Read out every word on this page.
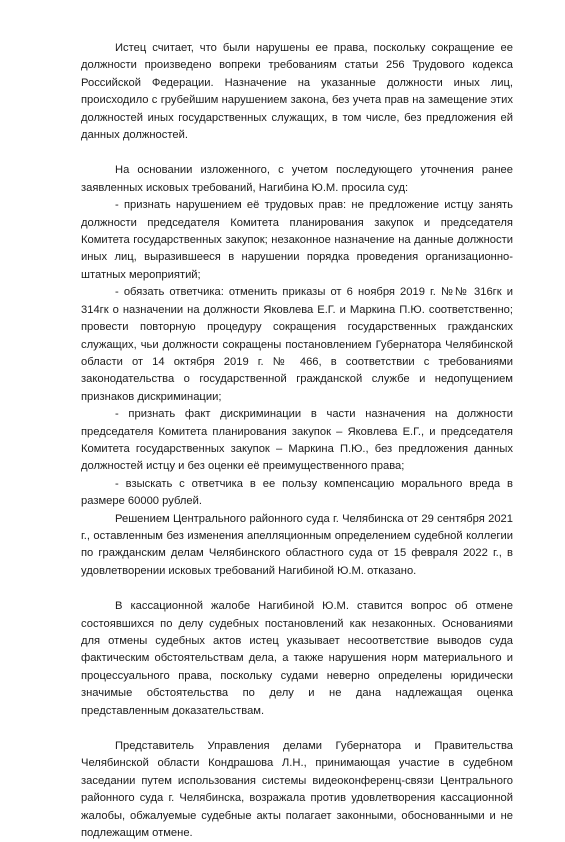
Истец считает, что были нарушены ее права, поскольку сокращение ее должности произведено вопреки требованиям статьи 256 Трудового кодекса Российской Федерации. Назначение на указанные должности иных лиц, происходило с грубейшим нарушением закона, без учета прав на замещение этих должностей иных государственных служащих, в том числе, без предложения ей данных должностей.

На основании изложенного, с учетом последующего уточнения ранее заявленных исковых требований, Нагибина Ю.М. просила суд:

- признать нарушением её трудовых прав: не предложение истцу занять должности председателя Комитета планирования закупок и председателя Комитета государственных закупок; незаконное назначение на данные должности иных лиц, выразившееся в нарушении порядка проведения организационно-штатных мероприятий;

- обязать ответчика: отменить приказы от 6 ноября 2019 г. №№ 316гк и 314гк о назначении на должности Яковлева Е.Г. и Маркина П.Ю. соответственно; провести повторную процедуру сокращения государственных гражданских служащих, чьи должности сокращены постановлением Губернатора Челябинской области от 14 октября 2019 г. № 466, в соответствии с требованиями законодательства о государственной гражданской службе и недопущением признаков дискриминации;

- признать факт дискриминации в части назначения на должности председателя Комитета планирования закупок – Яковлева Е.Г., и председателя Комитета государственных закупок – Маркина П.Ю., без предложения данных должностей истцу и без оценки её преимущественного права;

- взыскать с ответчика в ее пользу компенсацию морального вреда в размере 60000 рублей.

Решением Центрального районного суда г. Челябинска от 29 сентября 2021 г., оставленным без изменения апелляционным определением судебной коллегии по гражданским делам Челябинского областного суда от 15 февраля 2022 г., в удовлетворении исковых требований Нагибиной Ю.М. отказано.

В кассационной жалобе Нагибиной Ю.М. ставится вопрос об отмене состоявшихся по делу судебных постановлений как незаконных. Основаниями для отмены судебных актов истец указывает несоответствие выводов суда фактическим обстоятельствам дела, а также нарушения норм материального и процессуального права, поскольку судами неверно определены юридически значимые обстоятельства по делу и не дана надлежащая оценка представленным доказательствам.

Представитель Управления делами Губернатора и Правительства Челябинской области Кондрашова Л.Н., принимающая участие в судебном заседании путем использования системы видеоконференц-связи Центрального районного суда г. Челябинска, возражала против удовлетворения кассационной жалобы, обжалуемые судебные акты полагает законными, обоснованными и не подлежащим отмене.
